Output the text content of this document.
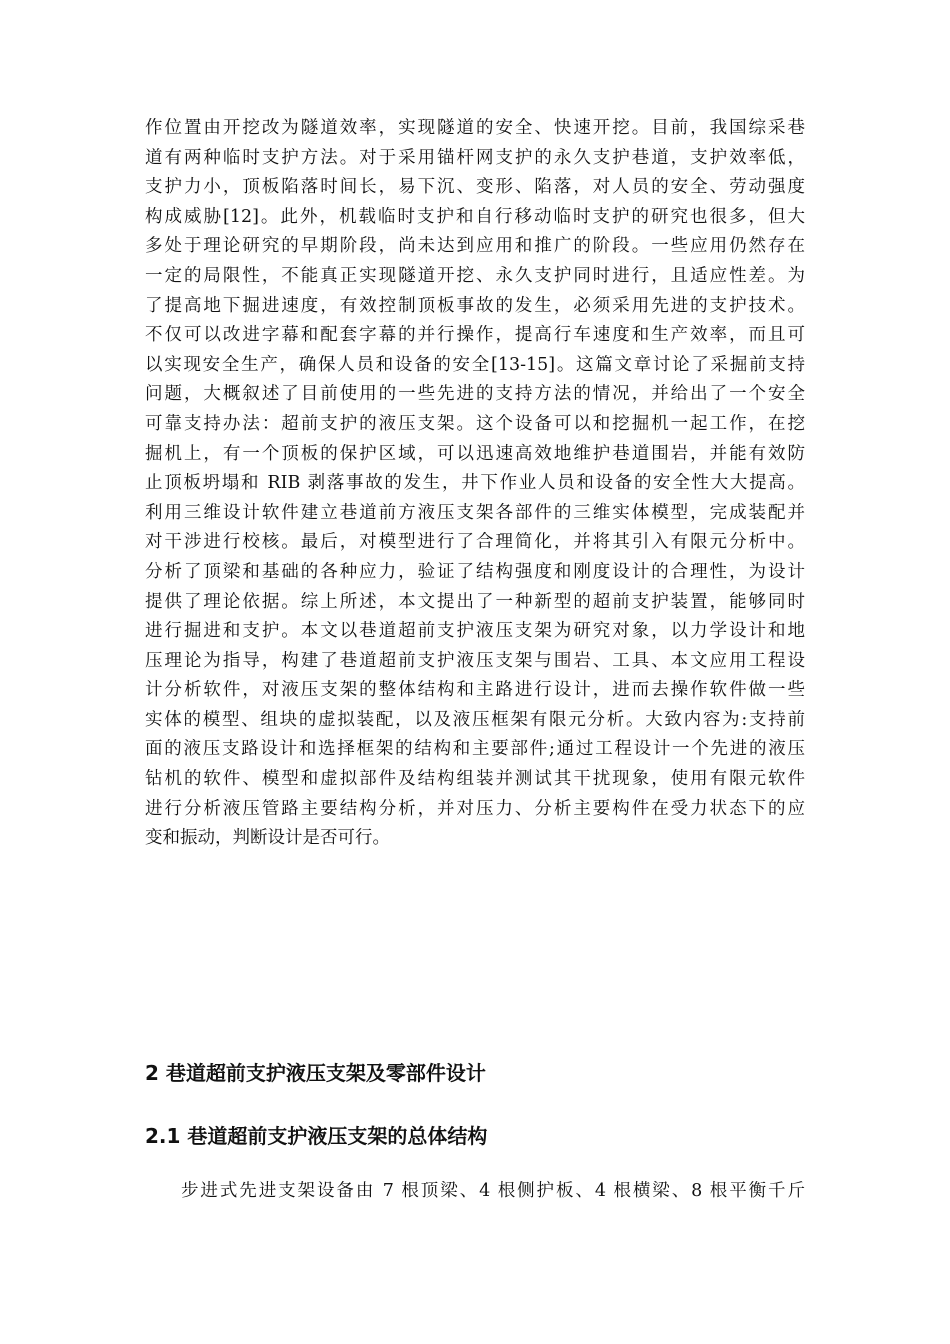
作位置由开挖改为隧道效率，实现隧道的安全、快速开挖。目前，我国综采巷
道有两种临时支护方法。对于采用锚杆网支护的永久支护巷道，支护效率低，
支护力小，顶板陷落时间长，易下沉、变形、陷落，对人员的安全、劳动强度
构成威胁[12]。此外，机载临时支护和自行移动临时支护的研究也很多，但大
多处于理论研究的早期阶段，尚未达到应用和推广的阶段。一些应用仍然存在
一定的局限性，不能真正实现隧道开挖、永久支护同时进行，且适应性差。为
了提高地下掘进速度，有效控制顶板事故的发生，必须采用先进的支护技术。
不仅可以改进字幕和配套字幕的并行操作，提高行车速度和生产效率，而且可
以实现安全生产，确保人员和设备的安全[13-15]。这篇文章讨论了采掘前支持
问题，大概叙述了目前使用的一些先进的支持方法的情况，并给出了一个安全
可靠支持办法：超前支护的液压支架。这个设备可以和挖掘机一起工作，在挖
掘机上，有一个顶板的保护区域，可以迅速高效地维护巷道围岩，并能有效防
止顶板坍塌和 RIB 剥落事故的发生，井下作业人员和设备的安全性大大提高。
利用三维设计软件建立巷道前方液压支架各部件的三维实体模型，完成装配并
对干涉进行校核。最后，对模型进行了合理简化，并将其引入有限元分析中。
分析了顶梁和基础的各种应力，验证了结构强度和刚度设计的合理性，为设计
提供了理论依据。综上所述，本文提出了一种新型的超前支护装置，能够同时
进行掘进和支护。本文以巷道超前支护液压支架为研究对象，以力学设计和地
压理论为指导，构建了巷道超前支护液压支架与围岩、工具、本文应用工程设
计分析软件，对液压支架的整体结构和主路进行设计，进而去操作软件做一些
实体的模型、组块的虚拟装配，以及液压框架有限元分析。大致内容为:支持前
面的液压支路设计和选择框架的结构和主要部件;通过工程设计一个先进的液压
钻机的软件、模型和虚拟部件及结构组装并测试其干扰现象，使用有限元软件
进行分析液压管路主要结构分析，并对压力、分析主要构件在受力状态下的应
变和振动，判断设计是否可行。
2 巷道超前支护液压支架及零部件设计
2.1 巷道超前支护液压支架的总体结构
步进式先进支架设备由 7 根顶梁、4 根侧护板、4 根横梁、8 根平衡千斤
